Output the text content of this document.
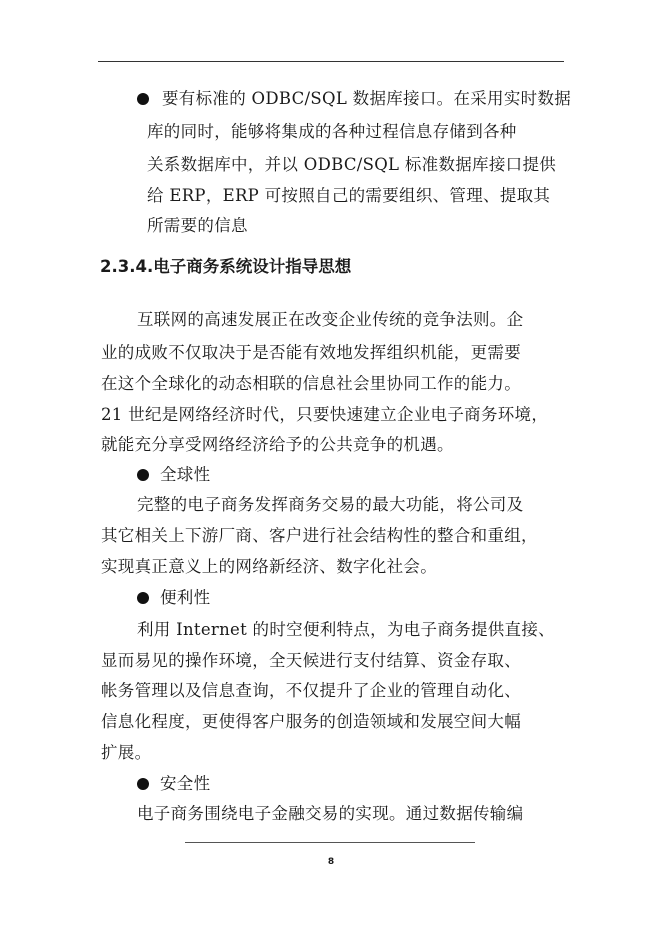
要有标准的 ODBC/SQL 数据库接口。在采用实时数据
库的同时，能够将集成的各种过程信息存储到各种
关系数据库中，并以 ODBC/SQL 标准数据库接口提供
给 ERP，ERP 可按照自己的需要组织、管理、提取其
所需要的信息
2.3.4.电子商务系统设计指导思想
互联网的高速发展正在改变企业传统的竞争法则。企
业的成败不仅取决于是否能有效地发挥组织机能，更需要
在这个全球化的动态相联的信息社会里协同工作的能力。
21 世纪是网络经济时代，只要快速建立企业电子商务环境，
就能充分享受网络经济给予的公共竞争的机遇。
全球性
完整的电子商务发挥商务交易的最大功能，将公司及
其它相关上下游厂商、客户进行社会结构性的整合和重组，
实现真正意义上的网络新经济、数字化社会。
便利性
利用 Internet 的时空便利特点，为电子商务提供直接、
显而易见的操作环境，全天候进行支付结算、资金存取、
帐务管理以及信息查询，不仅提升了企业的管理自动化、
信息化程度，更使得客户服务的创造领域和发展空间大幅
扩展。
安全性
电子商务围绕电子金融交易的实现。通过数据传输编
8
